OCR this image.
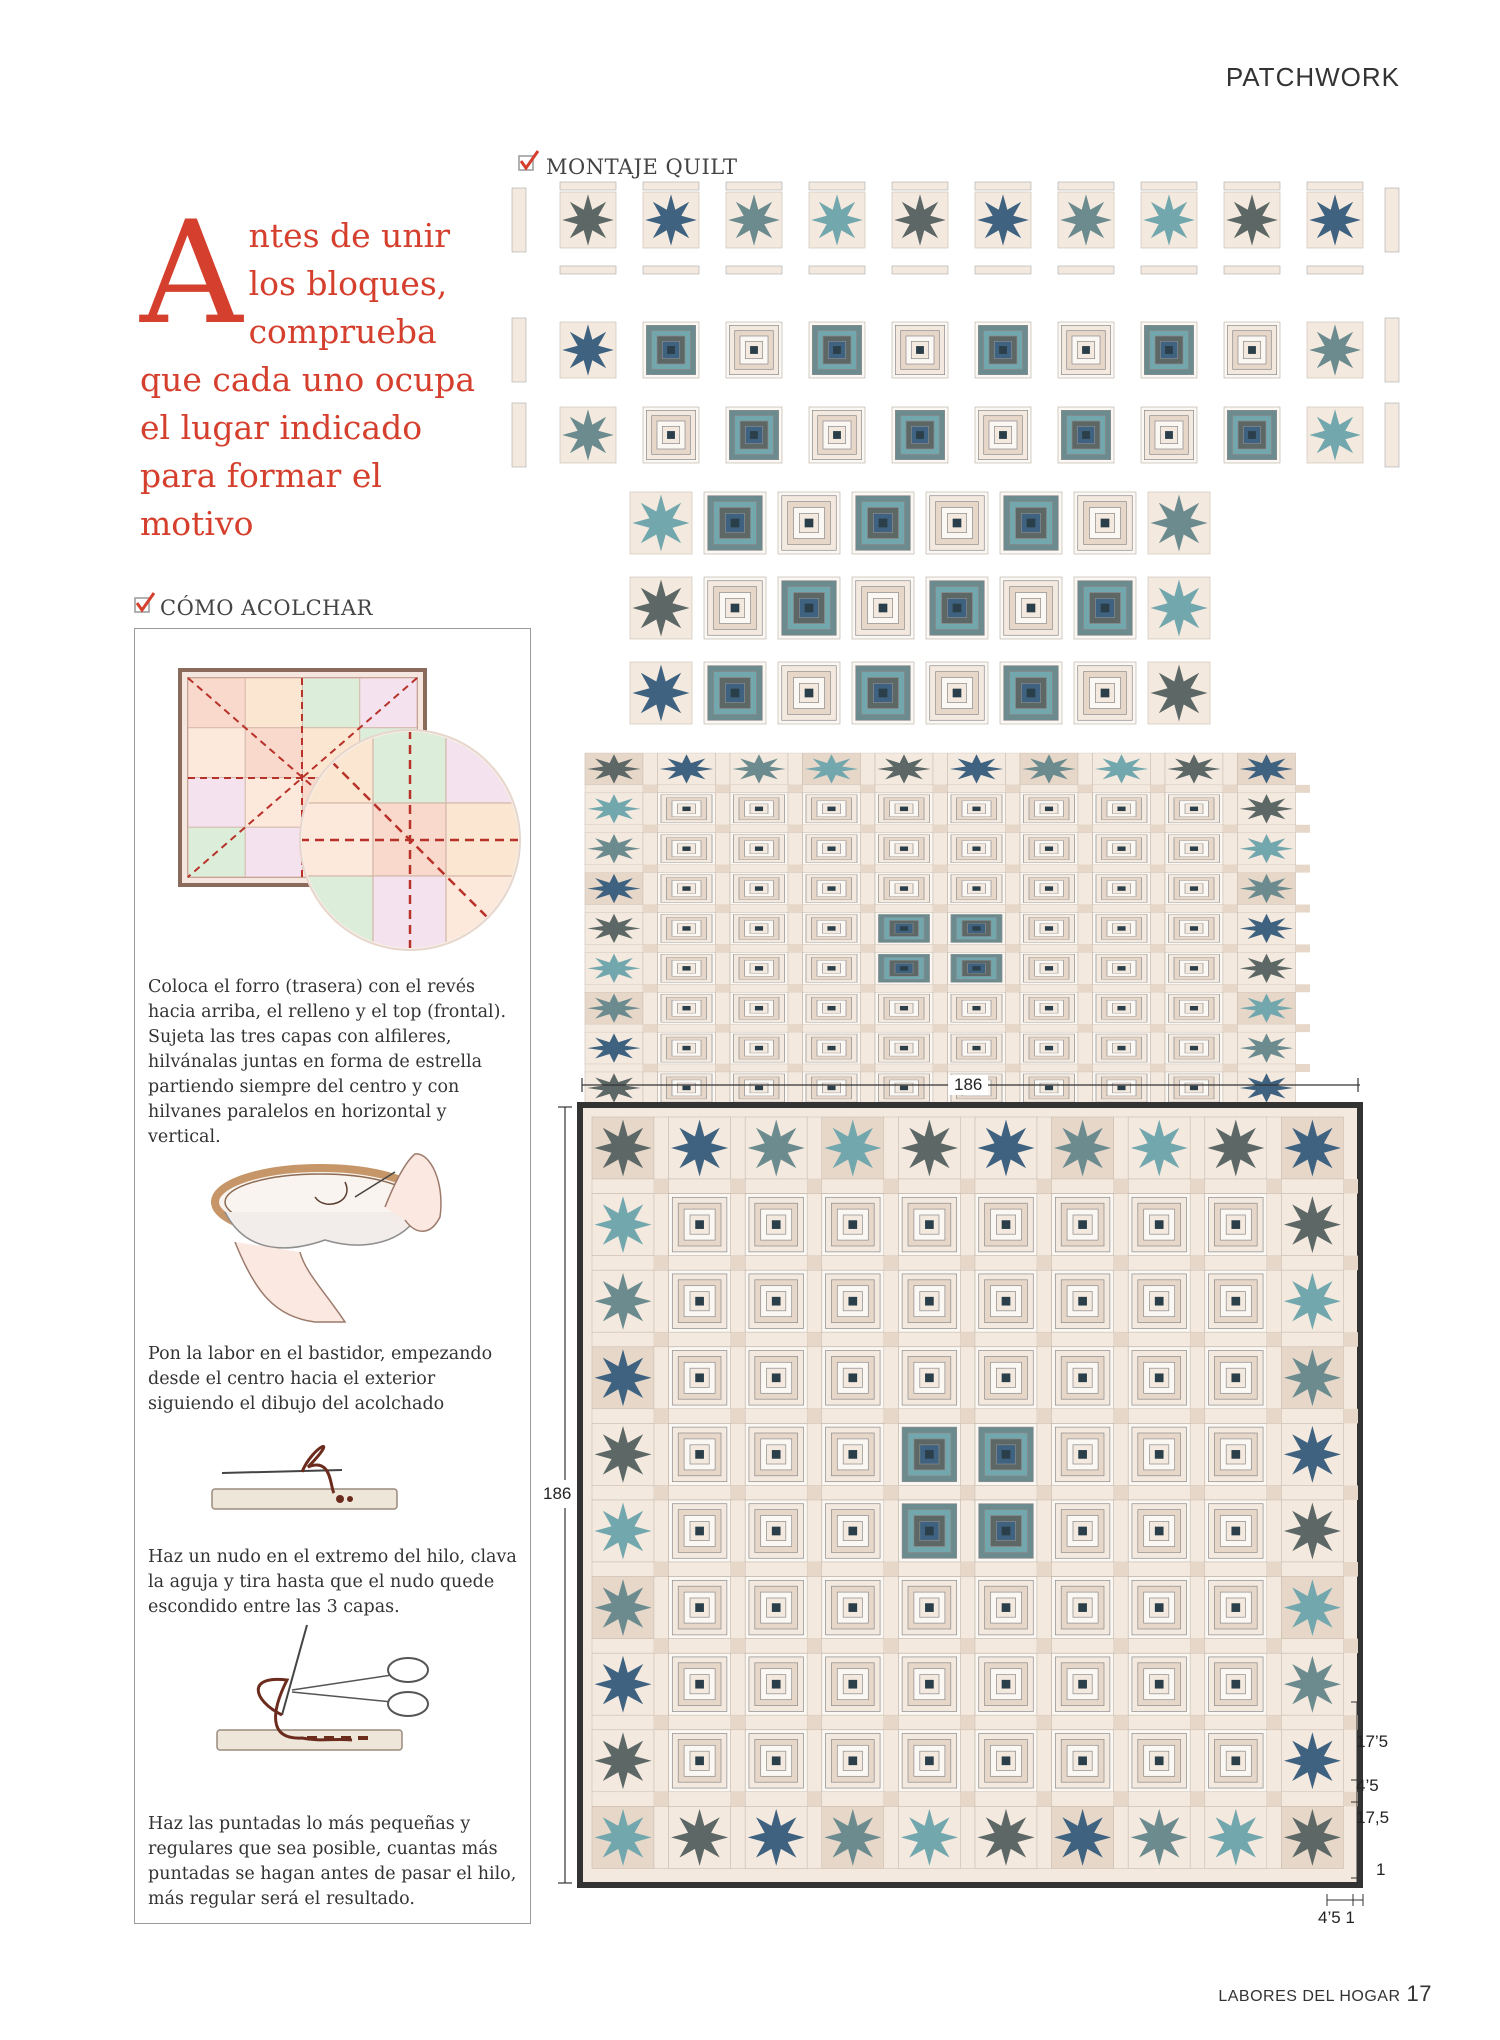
PATCHWORK
A ntes de unir los bloques, comprueba que cada uno ocupa el lugar indicado para formar el motivo
MONTAJE QUILT
CÓMO ACOLCHAR
Coloca el forro (trasera) con el revés hacia arriba, el relleno y el top (frontal). Sujeta las tres capas con alfileres, hilvánalas juntas en forma de estrella partiendo siempre del centro y con hilvanes paralelos en horizontal y vertical.
Pon la labor en el bastidor, empezando desde el centro hacia el exterior siguiendo el dibujo del acolchado
Haz un nudo en el extremo del hilo, clava la aguja y tira hasta que el nudo quede escondido entre las 3 capas.
Haz las puntadas lo más pequeñas y regulares que sea posible, cuantas más puntadas se hagan antes de pasar el hilo, más regular será el resultado.
186
186
17’5
4’5
17,5
1
4’5 1
LABORES DEL HOGAR 17
